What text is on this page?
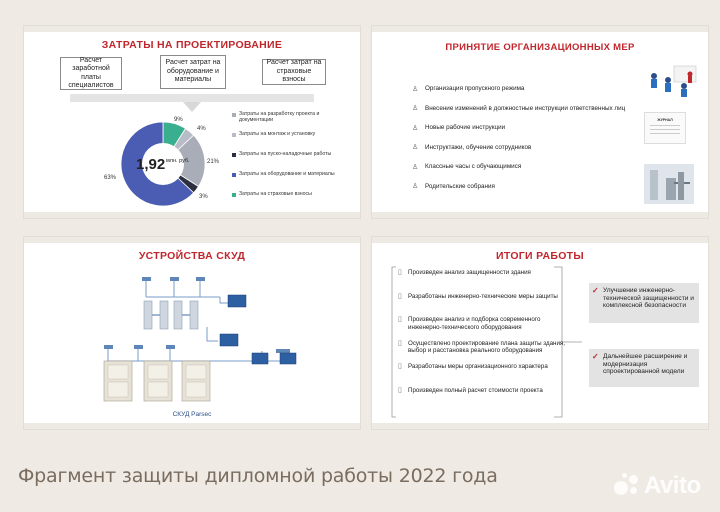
ЗАТРАТЫ НА ПРОЕКТИРОВАНИЕ
Расчет заработной платы специалистов
Расчет затрат на оборудование и материалы
Расчет затрат на страховые взносы
1,92 млн. руб.
9%
4%
21%
63%
3%
Затраты на разработку проекта и документации
Затраты на монтаж и установку
Затраты на пуско-наладочные работы
Затраты на оборудование и материалы
Затраты на страховые взносы
ПРИНЯТИЕ ОРГАНИЗАЦИОННЫХ МЕР
♙	Организация пропускного режима
♙	Внесение изменений в должностные инструкции ответственных лиц
♙	Новые рабочие инструкции
♙	Инструктажи, обучение сотрудников
♙	Классные часы с обучающимися
♙	Родительские собрания
ЖУРНАЛ
УСТРОЙСТВА СКУД
СКУД Parsec
ИТОГИ РАБОТЫ
▯ Произведен анализ защищенности здания
▯ Разработаны инженерно-технические меры защиты
▯ Произведен анализ и подборка современного инженерно-технического оборудования
▯ Осуществлено проектирование плана защиты здания, выбор и расстановка реального оборудования
▯ Разработаны меры организационного характера
▯ Произведен полный расчет стоимости проекта
✓ Улучшение инженерно-технической защищенности и комплексной безопасности
✓ Дальнейшее расширение и модернизация спроектированной модели
Фрагмент защиты дипломной работы 2022 года	Avito
